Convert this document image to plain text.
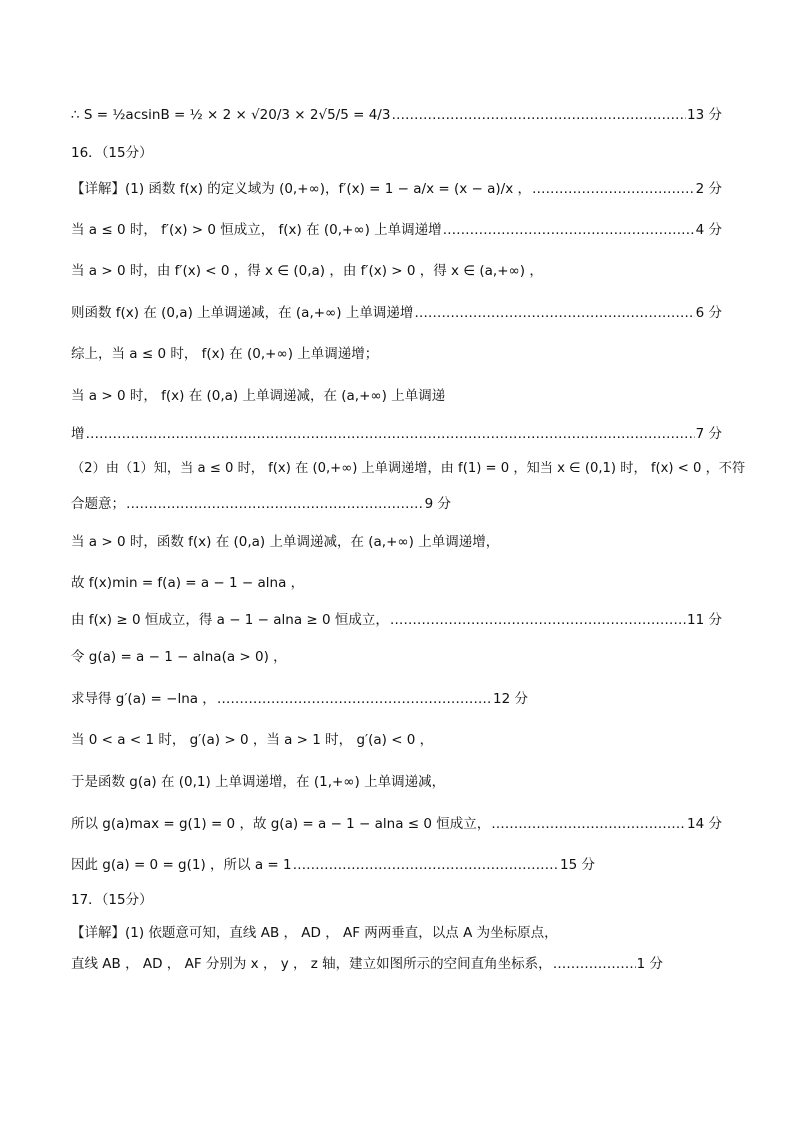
∴ S = ½acsinB = ½ × 2 × √20/3 × 2√5/5 = 4/3 ……………………………………………………………………………………………………………………………………………………………………………………	13 分
16．（15分）
【详解】(1) 函数 f(x) 的定义域为 (0,+∞)，f′(x) = 1 − a/x = (x − a)/x ， ……………………………………………………………………………………………………………………………………………………………………………………	2 分
当 a ≤ 0 时， f′(x) > 0 恒成立， f(x) 在 (0,+∞) 上单调递增 ……………………………………………………………………………………………………………………………………………………………………………………	4 分
当 a > 0 时，由 f′(x) < 0 ，得 x ∈ (0,a) ，由 f′(x) > 0 ，得 x ∈ (a,+∞) ，
则函数 f(x) 在 (0,a) 上单调递减，在 (a,+∞) 上单调递增 ……………………………………………………………………………………………………………………………………………………………………………………	6 分
综上，当 a ≤ 0 时， f(x) 在 (0,+∞) 上单调递增；
当 a > 0 时， f(x) 在 (0,a) 上单调递减，在 (a,+∞) 上单调递
增 ……………………………………………………………………………………………………………………………………………………………………………………	7 分
（2）由（1）知，当 a ≤ 0 时， f(x) 在 (0,+∞) 上单调递增，由 f(1) = 0 ，知当 x ∈ (0,1) 时， f(x) < 0 ，不符
合题意； ……………………………………………………………………………………………………………………………………………………………………………………	9 分
当 a > 0 时，函数 f(x) 在 (0,a) 上单调递减，在 (a,+∞) 上单调递增，
故 f(x)min = f(a) = a − 1 − alna ，
由 f(x) ≥ 0 恒成立，得 a − 1 − alna ≥ 0 恒成立， ……………………………………………………………………………………………………………………………………………………………………………………	11 分
令 g(a) = a − 1 − alna(a > 0) ，
求导得 g′(a) = −lna ， ……………………………………………………………………………………………………………………………………………………………………………………	12 分
当 0 < a < 1 时， g′(a) > 0 ，当 a > 1 时， g′(a) < 0 ，
于是函数 g(a) 在 (0,1) 上单调递增，在 (1,+∞) 上单调递减，
所以 g(a)max = g(1) = 0 ，故 g(a) = a − 1 − alna ≤ 0 恒成立， ……………………………………………………………………………………………………………………………………………………………………………………	14 分
因此 g(a) = 0 = g(1) ，所以 a = 1 ……………………………………………………………………………………………………………………………………………………………………………………	15 分
17．（15分）
【详解】(1) 依题意可知，直线 AB ， AD ， AF 两两垂直，以点 A 为坐标原点，
直线 AB ， AD ， AF 分别为 x ， y ， z 轴，建立如图所示的空间直角坐标系， ……………………………………………………………………………………………………………………………………………………………………………………	1 分
